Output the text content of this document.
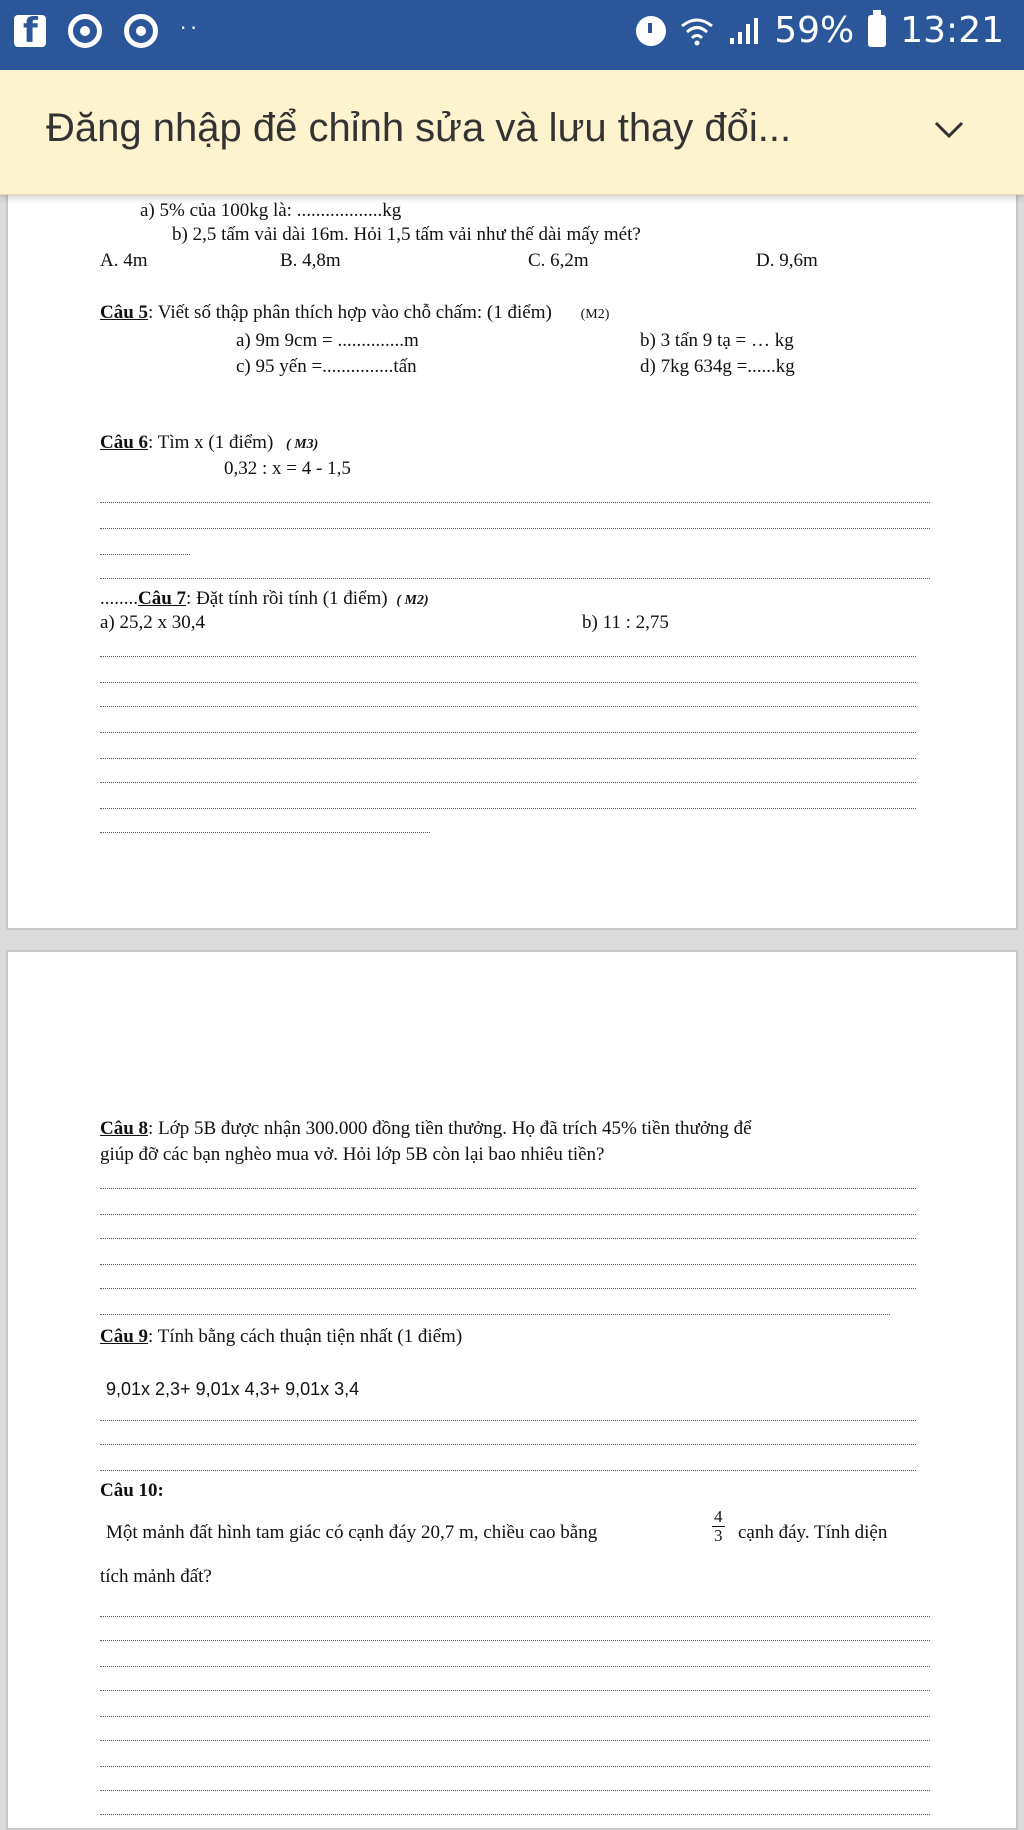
f
··	59% 13:21
Đăng nhập để chỉnh sửa và lưu thay đổi...
a) 5% của 100kg là: ..................kg
b) 2,5 tấm vải dài 16m. Hỏi 1,5 tấm vải như thế dài mấy mét?
A. 4m	B. 4,8m	C. 6,2m	D. 9,6m
Câu 5: Viết số thập phân thích hợp vào chỗ chấm: (1 điểm) (M2)
a) 9m 9cm = ..............m	b) 3 tấn 9 tạ = … kg
c) 95 yến =...............tấn	d) 7kg 634g =......kg
Câu 6: Tìm x (1 điểm) ( M3)
0,32 : x = 4 - 1,5
........Câu 7: Đặt tính rồi tính (1 điểm) ( M2)
a) 25,2 x 30,4	b) 11 : 2,75
Câu 8: Lớp 5B được nhận 300.000 đồng tiền thưởng. Họ đã trích 45% tiền thưởng để
giúp đỡ các bạn nghèo mua vở. Hỏi lớp 5B còn lại bao nhiêu tiền?
Câu 9: Tính bằng cách thuận tiện nhất (1 điểm)
9,01x 2,3+ 9,01x 4,3+ 9,01x 3,4
Câu 10:
Một mảnh đất hình tam giác có cạnh đáy 20,7 m, chiều cao bằng	$\frac{4}{3}$ cạnh đáy. Tính diện
tích mảnh đất?
